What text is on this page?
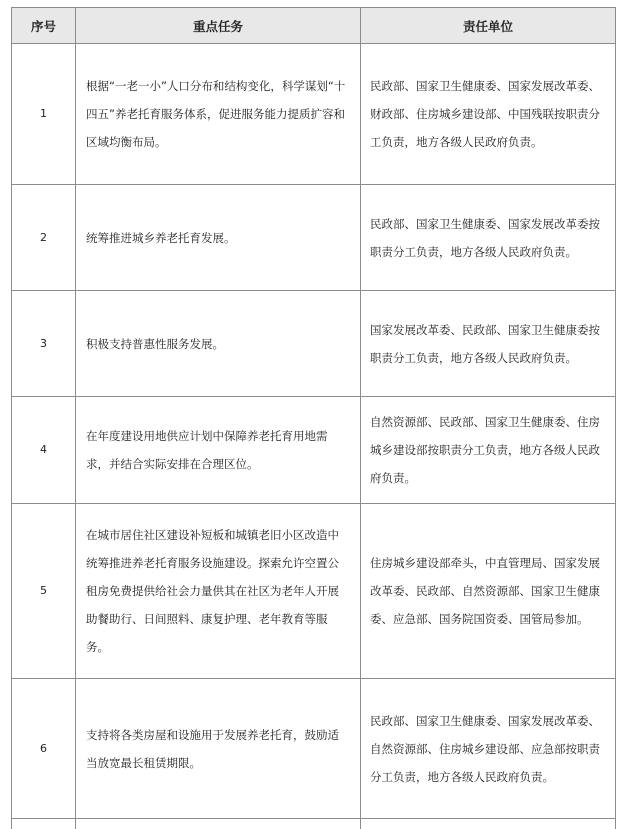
序号	重点任务	责任单位
1	根据“一老一小”人口分布和结构变化，科学谋划“十四五”养老托育服务体系，促进服务能力提质扩容和区域均衡布局。	民政部、国家卫生健康委、国家发展改革委、财政部、住房城乡建设部、中国残联按职责分工负责，地方各级人民政府负责。
2	统筹推进城乡养老托育发展。	民政部、国家卫生健康委、国家发展改革委按职责分工负责，地方各级人民政府负责。
3	积极支持普惠性服务发展。	国家发展改革委、民政部、国家卫生健康委按职责分工负责，地方各级人民政府负责。
4	在年度建设用地供应计划中保障养老托育用地需求，并结合实际安排在合理区位。	自然资源部、民政部、国家卫生健康委、住房城乡建设部按职责分工负责，地方各级人民政府负责。
5	在城市居住社区建设补短板和城镇老旧小区改造中统筹推进养老托育服务设施建设。探索允许空置公租房免费提供给社会力量供其在社区为老年人开展助餐助行、日间照料、康复护理、老年教育等服务。	住房城乡建设部牵头，中直管理局、国家发展改革委、民政部、自然资源部、国家卫生健康委、应急部、国务院国资委、国管局参加。
6	支持将各类房屋和设施用于发展养老托育，鼓励适当放宽最长租赁期限。	民政部、国家卫生健康委、国家发展改革委、自然资源部、住房城乡建设部、应急部按职责分工负责，地方各级人民政府负责。
